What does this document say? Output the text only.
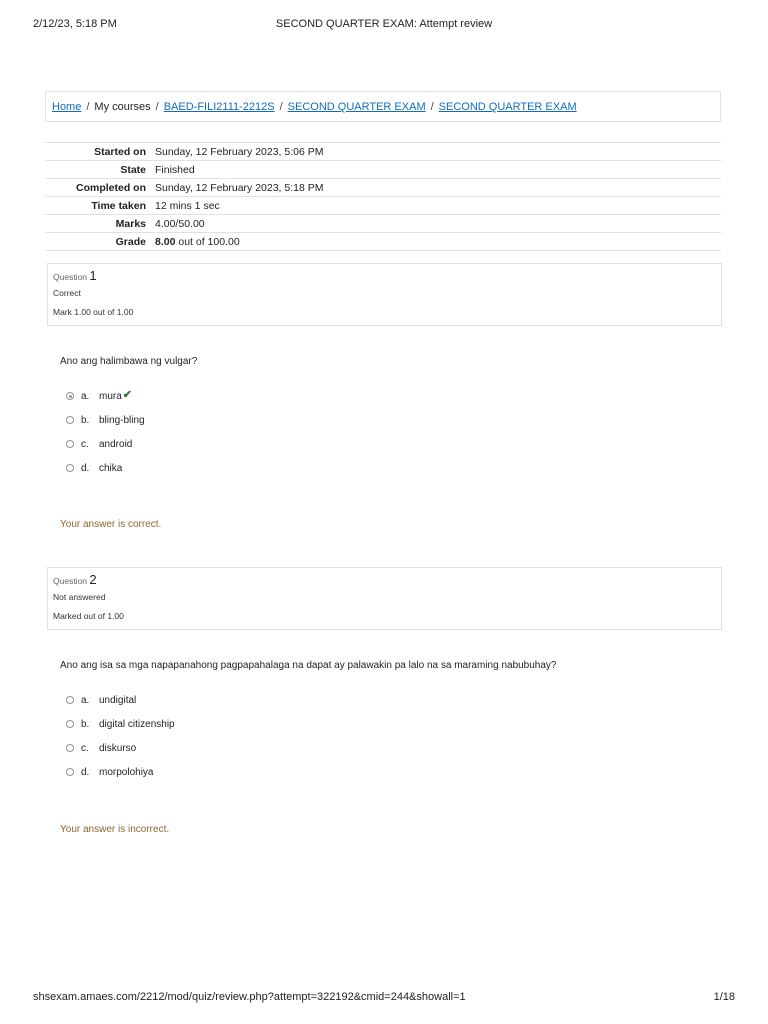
2/12/23, 5:18 PM	SECOND QUARTER EXAM: Attempt review
Home / My courses / BAED-FILI2111-2212S / SECOND QUARTER EXAM / SECOND QUARTER EXAM
Started on	Sunday, 12 February 2023, 5:06 PM
State	Finished
Completed on	Sunday, 12 February 2023, 5:18 PM
Time taken	12 mins 1 sec
Marks	4.00/50.00
Grade	8.00 out of 100.00
Question 1
Correct
Mark 1.00 out of 1.00
Ano ang halimbawa ng vulgar?
a. mura ✔
b. bling-bling
c.	android
d. chika
Your answer is correct.
Question 2
Not answered
Marked out of 1.00
Ano ang isa sa mga napapanahong pagpapahalaga na dapat ay palawakin pa lalo na sa maraming nabubuhay?
a. undigital
b. digital citizenship
c.	diskurso
d. morpolohiya
Your answer is incorrect.
shsexam.amaes.com/2212/mod/quiz/review.php?attempt=322192&cmid=244&showall=1	1/18
